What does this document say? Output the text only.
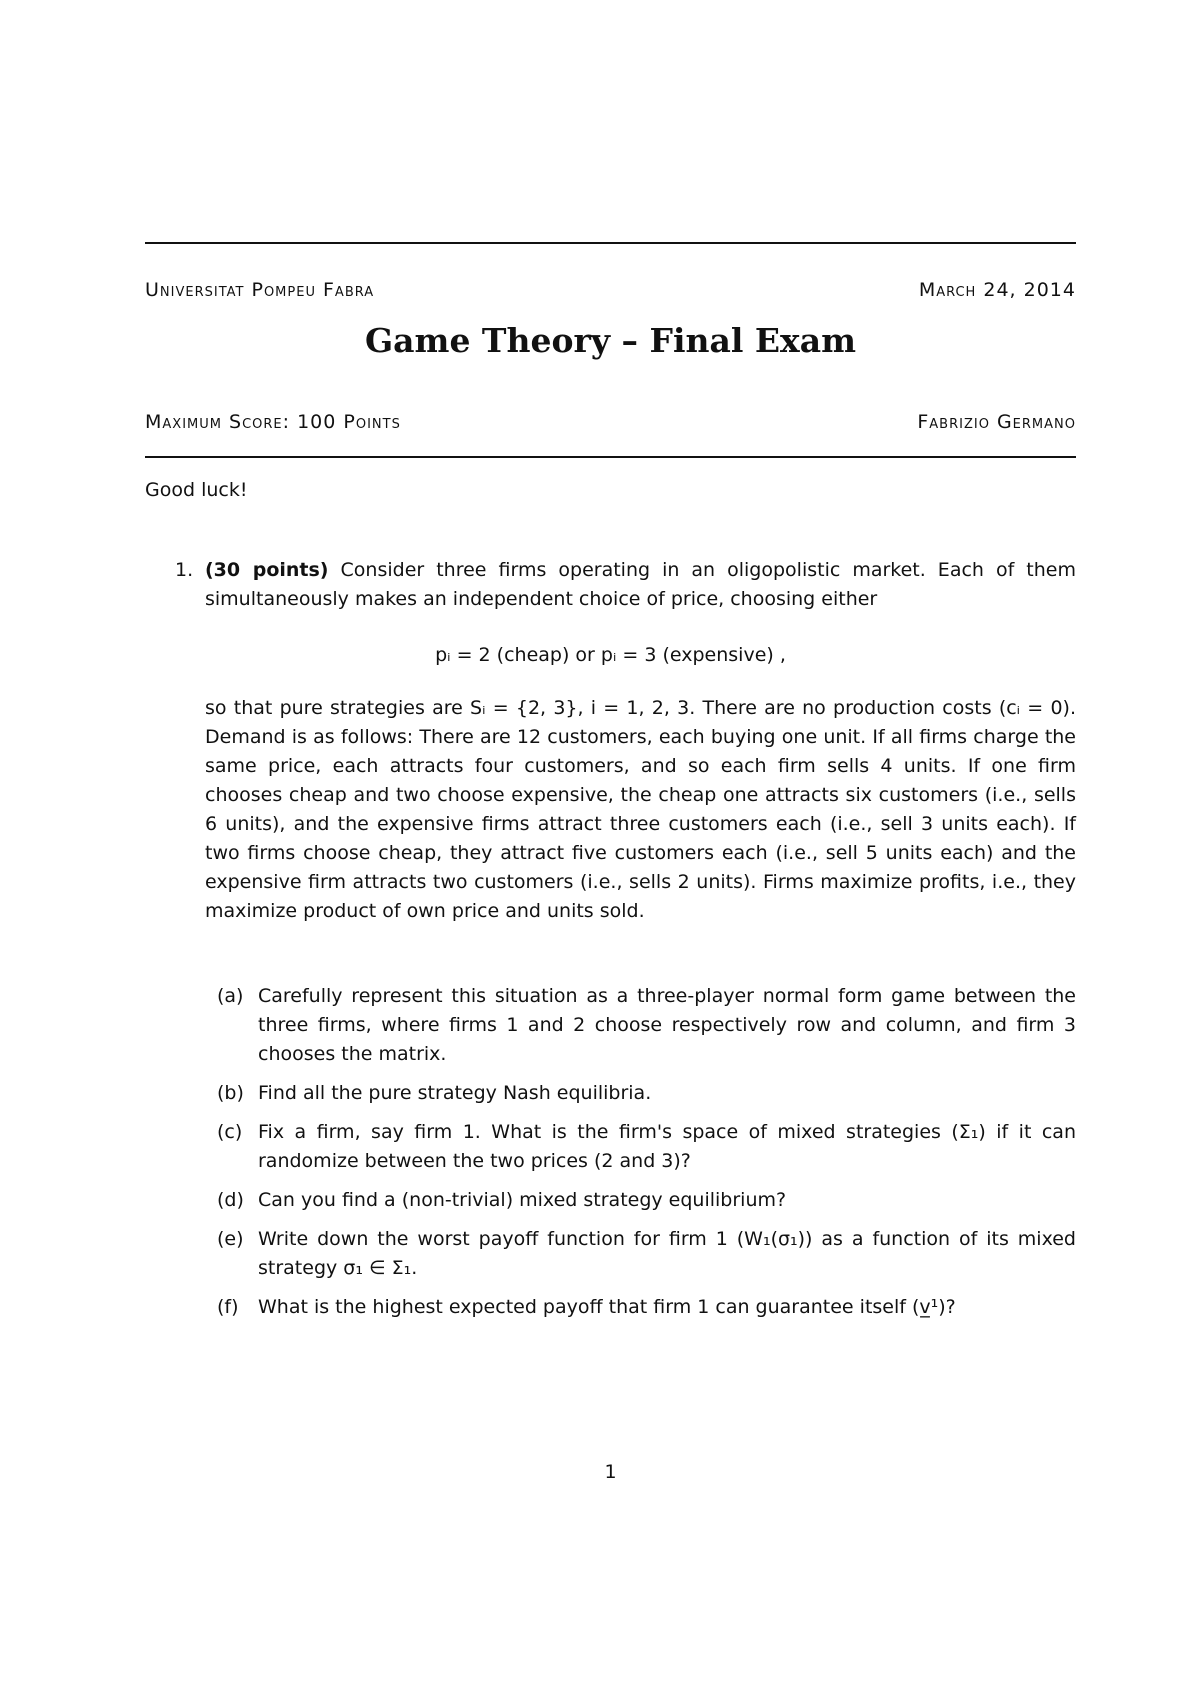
Universitat Pompeu Fabra	March 24, 2014
Game Theory – Final Exam
Maximum Score: 100 Points	Fabrizio Germano
Good luck!
1. (30 points) Consider three firms operating in an oligopolistic market. Each of them simultaneously makes an independent choice of price, choosing either
pᵢ = 2 (cheap) or pᵢ = 3 (expensive) ,
so that pure strategies are Sᵢ = {2, 3}, i = 1, 2, 3. There are no production costs (cᵢ = 0). Demand is as follows: There are 12 customers, each buying one unit. If all firms charge the same price, each attracts four customers, and so each firm sells 4 units. If one firm chooses cheap and two choose expensive, the cheap one attracts six customers (i.e., sells 6 units), and the expensive firms attract three customers each (i.e., sell 3 units each). If two firms choose cheap, they attract five customers each (i.e., sell 5 units each) and the expensive firm attracts two customers (i.e., sells 2 units). Firms maximize profits, i.e., they maximize product of own price and units sold.
(a) Carefully represent this situation as a three-player normal form game between the three firms, where firms 1 and 2 choose respectively row and column, and firm 3 chooses the matrix.
(b) Find all the pure strategy Nash equilibria.
(c) Fix a firm, say firm 1. What is the firm's space of mixed strategies (Σ₁) if it can randomize between the two prices (2 and 3)?
(d) Can you find a (non-trivial) mixed strategy equilibrium?
(e) Write down the worst payoff function for firm 1 (W₁(σ₁)) as a function of its mixed strategy σ₁ ∈ Σ₁.
(f) What is the highest expected payoff that firm 1 can guarantee itself (v̲¹)?
1
